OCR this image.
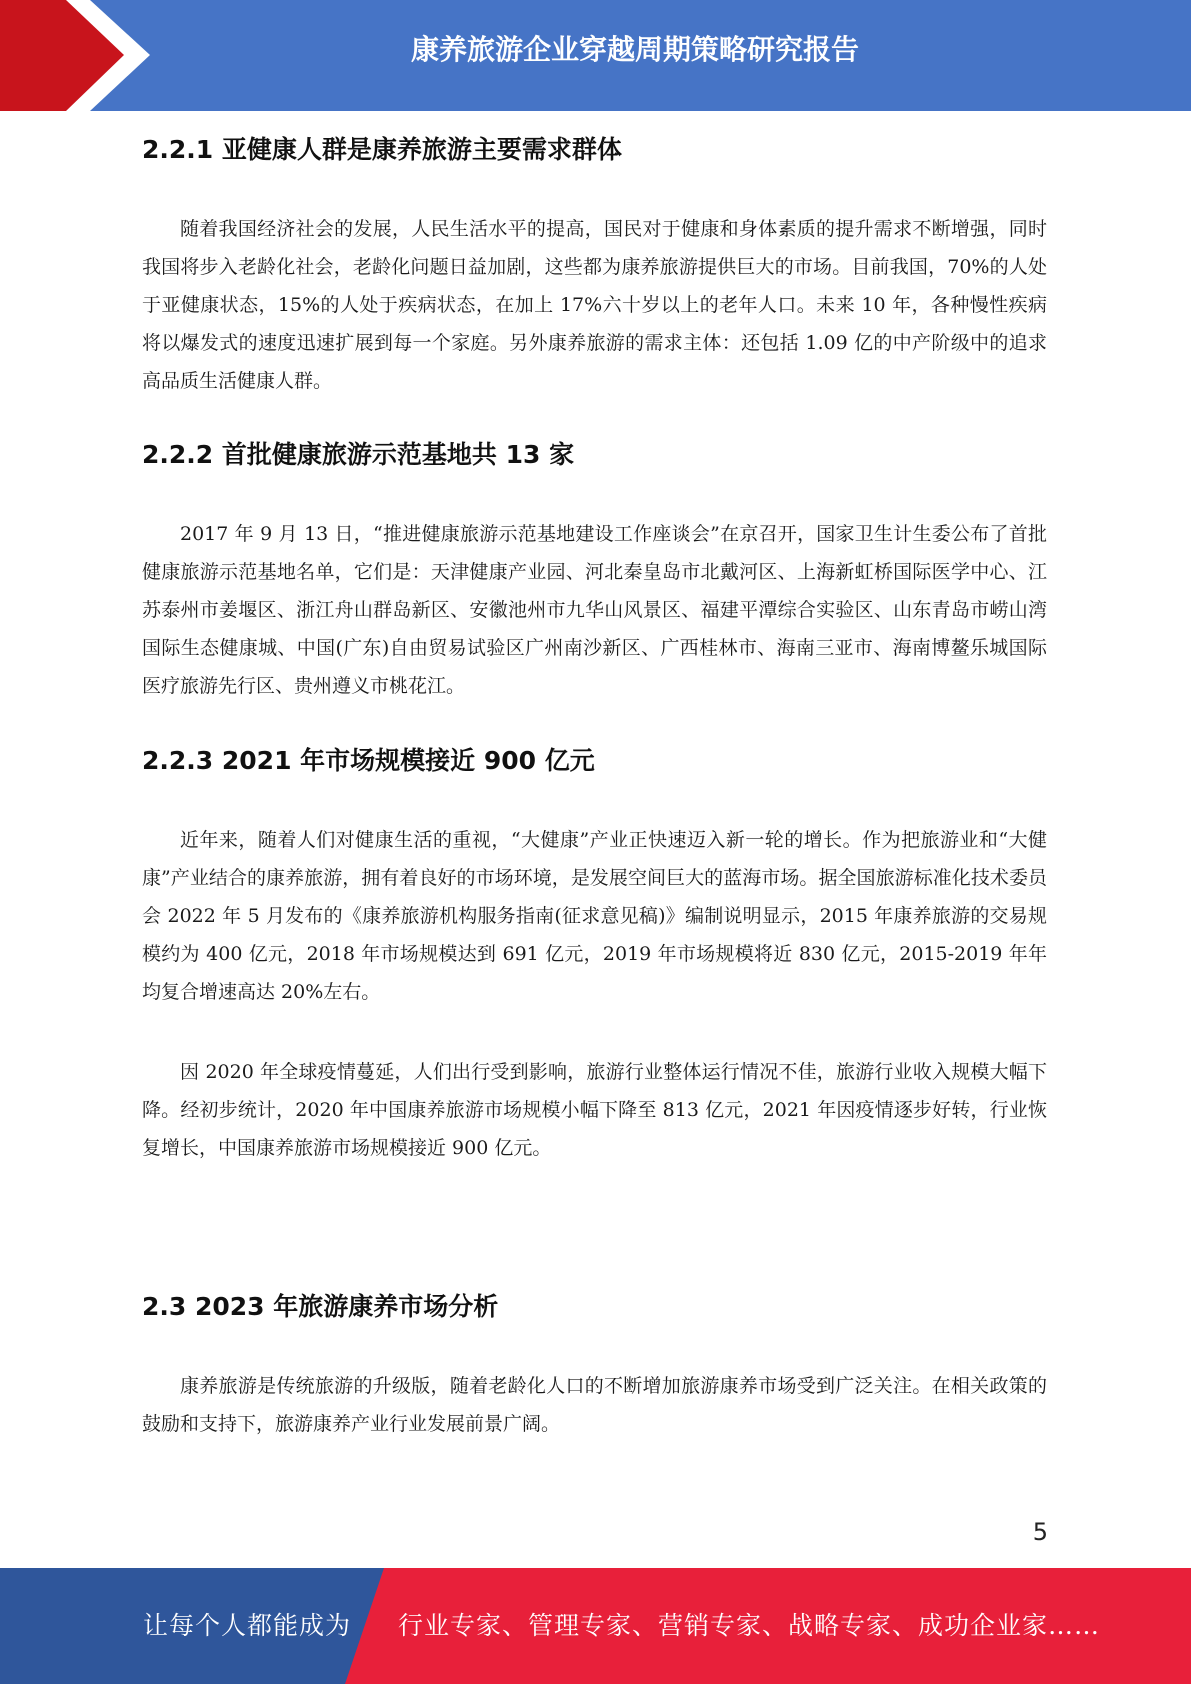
康养旅游企业穿越周期策略研究报告
2.2.1 亚健康人群是康养旅游主要需求群体

随着我国经济社会的发展，人民生活水平的提高，国民对于健康和身体素质的提升需求不断增强，同时我国将步入老龄化社会，老龄化问题日益加剧，这些都为康养旅游提供巨大的市场。目前我国，70%的人处于亚健康状态，15%的人处于疾病状态，在加上 17%六十岁以上的老年人口。未来 10 年，各种慢性疾病将以爆发式的速度迅速扩展到每一个家庭。另外康养旅游的需求主体：还包括 1.09 亿的中产阶级中的追求高品质生活健康人群。

2.2.2 首批健康旅游示范基地共 13 家

2017 年 9 月 13 日，“推进健康旅游示范基地建设工作座谈会”在京召开，国家卫生计生委公布了首批健康旅游示范基地名单，它们是：天津健康产业园、河北秦皇岛市北戴河区、上海新虹桥国际医学中心、江苏泰州市姜堰区、浙江舟山群岛新区、安徽池州市九华山风景区、福建平潭综合实验区、山东青岛市崂山湾国际生态健康城、中国(广东)自由贸易试验区广州南沙新区、广西桂林市、海南三亚市、海南博鳌乐城国际医疗旅游先行区、贵州遵义市桃花江。

2.2.3 2021 年市场规模接近 900 亿元

近年来，随着人们对健康生活的重视，“大健康”产业正快速迈入新一轮的增长。作为把旅游业和“大健康”产业结合的康养旅游，拥有着良好的市场环境，是发展空间巨大的蓝海市场。据全国旅游标准化技术委员会 2022 年 5 月发布的《康养旅游机构服务指南(征求意见稿)》编制说明显示，2015 年康养旅游的交易规模约为 400 亿元，2018 年市场规模达到 691 亿元，2019 年市场规模将近 830 亿元，2015-2019 年年均复合增速高达 20%左右。

因 2020 年全球疫情蔓延，人们出行受到影响，旅游行业整体运行情况不佳，旅游行业收入规模大幅下降。经初步统计，2020 年中国康养旅游市场规模小幅下降至 813 亿元，2021 年因疫情逐步好转，行业恢复增长，中国康养旅游市场规模接近 900 亿元。

2.3 2023 年旅游康养市场分析

康养旅游是传统旅游的升级版，随着老龄化人口的不断增加旅游康养市场受到广泛关注。在相关政策的鼓励和支持下，旅游康养产业行业发展前景广阔。

5
让每个人都能成为 行业专家、管理专家、营销专家、战略专家、成功企业家……
